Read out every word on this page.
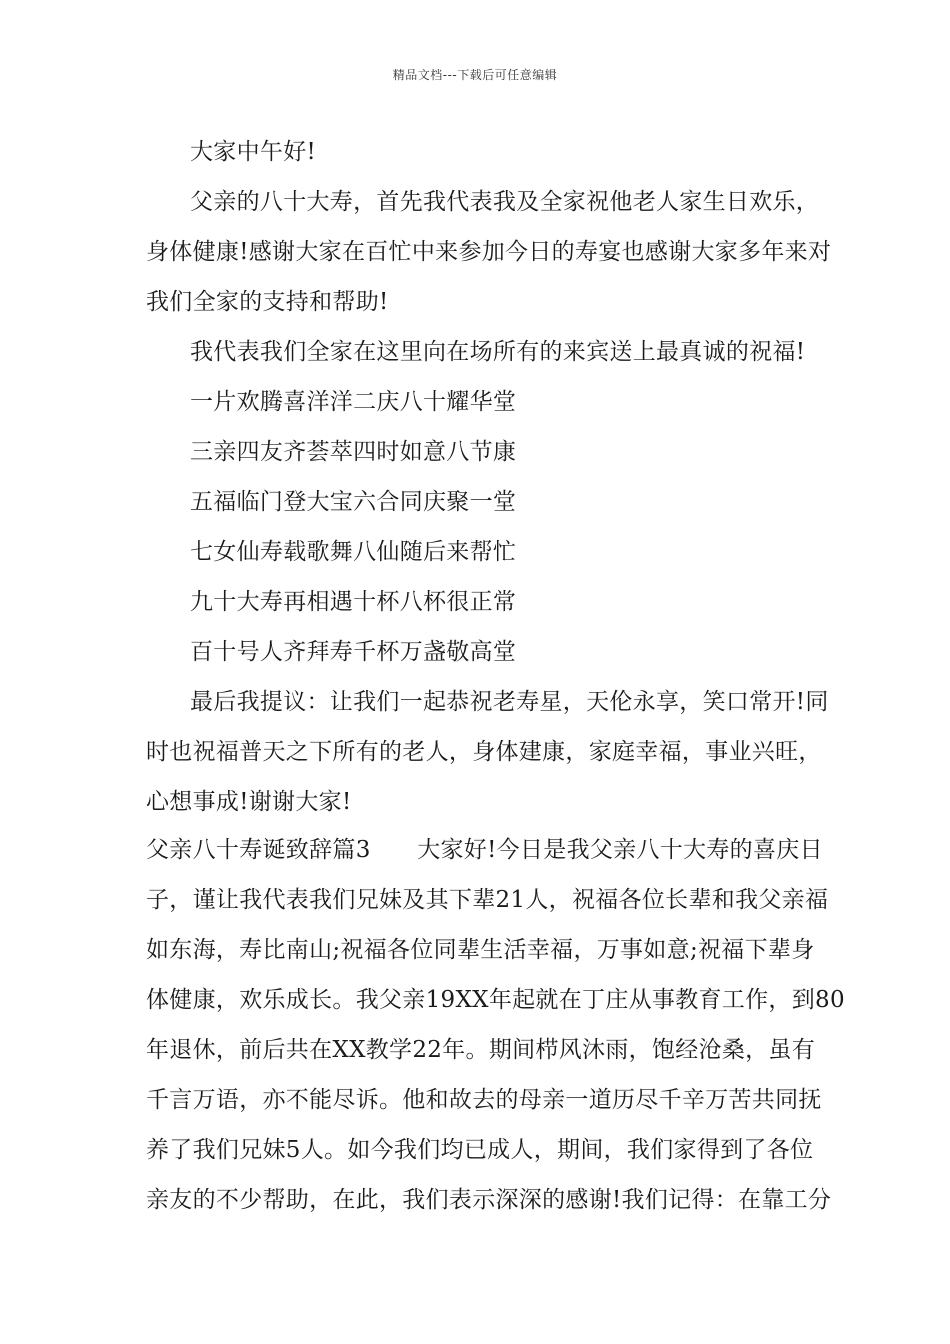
精品文档---下载后可任意编辑
大家中午好!
父亲的八十大寿，首先我代表我及全家祝他老人家生日欢乐，
身体健康!感谢大家在百忙中来参加今日的寿宴也感谢大家多年来对
我们全家的支持和帮助!
我代表我们全家在这里向在场所有的来宾送上最真诚的祝福!
一片欢腾喜洋洋二庆八十耀华堂
三亲四友齐荟萃四时如意八节康
五福临门登大宝六合同庆聚一堂
七女仙寿载歌舞八仙随后来帮忙
九十大寿再相遇十杯八杯很正常
百十号人齐拜寿千杯万盏敬高堂
最后我提议：让我们一起恭祝老寿星，天伦永享，笑口常开!同
时也祝福普天之下所有的老人，身体建康，家庭幸福，事业兴旺，
心想事成!谢谢大家!
父亲八十寿诞致辞篇3　　大家好!今日是我父亲八十大寿的喜庆日
子，谨让我代表我们兄妹及其下辈21人，祝福各位长辈和我父亲福
如东海，寿比南山;祝福各位同辈生活幸福，万事如意;祝福下辈身
体健康，欢乐成长。我父亲19XX年起就在丁庄从事教育工作，到80
年退休，前后共在XX教学22年。期间栉风沐雨，饱经沧桑，虽有
千言万语，亦不能尽诉。他和故去的母亲一道历尽千辛万苦共同抚
养了我们兄妹5人。如今我们均已成人，期间，我们家得到了各位
亲友的不少帮助，在此，我们表示深深的感谢!我们记得：在靠工分
